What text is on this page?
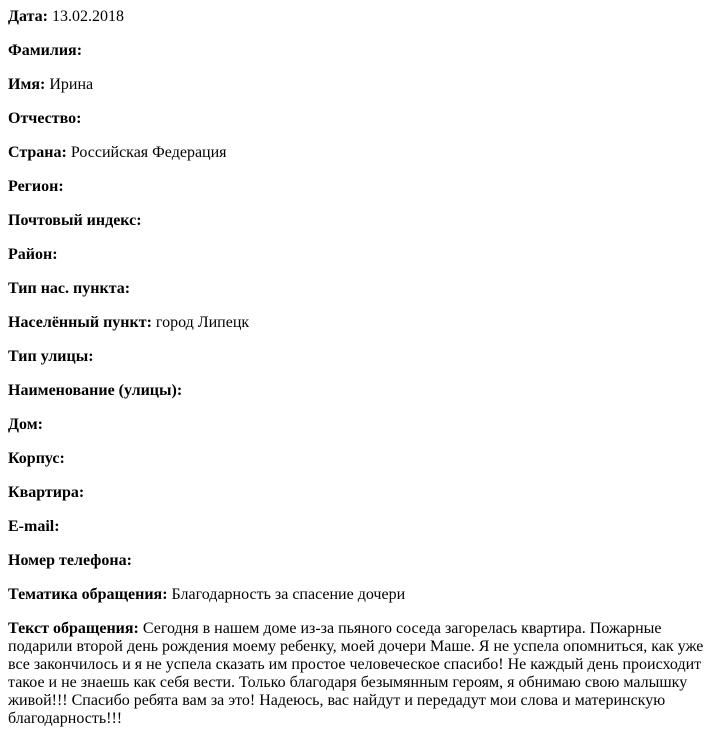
Дата: 13.02.2018

Фамилия:

Имя: Ирина

Отчество:

Страна: Российская Федерация

Регион:

Почтовый индекс:

Район:

Тип нас. пункта:

Населённый пункт: город Липецк

Тип улицы:

Наименование (улицы):

Дом:

Корпус:

Квартира:

E-mail:

Номер телефона:

Тематика обращения: Благодарность за спасение дочери

Текст обращения: Сегодня в нашем доме из-за пьяного соседа загорелась квартира. Пожарные подарили второй день рождения моему ребенку, моей дочери Маше. Я не успела опомниться, как уже все закончилось и я не успела сказать им простое человеческое спасибо! Не каждый день происходит такое и не знаешь как себя вести. Только благодаря безымянным героям, я обнимаю свою малышку живой!!! Спасибо ребята вам за это! Надеюсь, вас найдут и передадут мои слова и материнскую благодарность!!!
